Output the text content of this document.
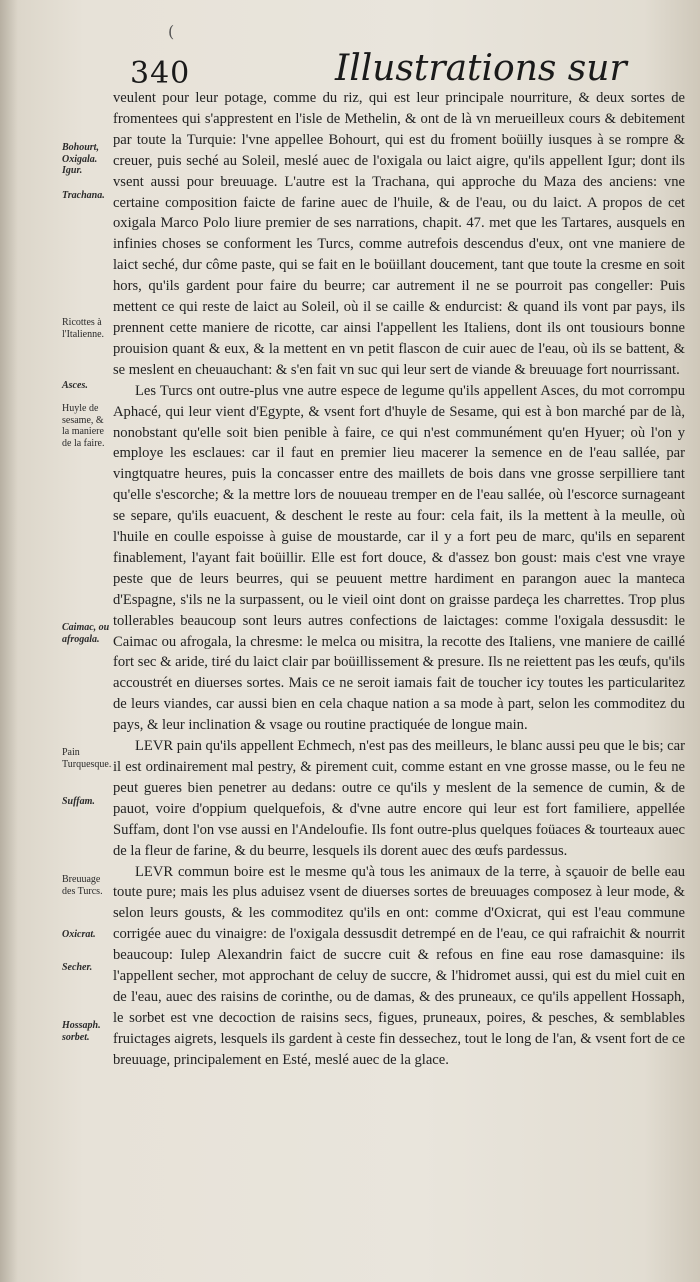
(
340	Illustrations sur
Bohourt, Oxigala. Igur.
Trachana.
Ricottes à l'Italienne.
Asces.
Huyle de sesame, & la maniere de la faire.
Caimac, ou afrogala.
Pain Turquesque.
Suffam.
Breuuage des Turcs.
Oxicrat.
Secher.
Hossaph. sorbet.

veulent pour leur potage, comme du riz, qui est leur principale nourriture, & deux sortes de fromentees qui s'apprestent en l'isle de Methelin, & ont de là vn merueilleux cours & debitement par toute la Turquie: l'vne appellee Bohourt, qui est du froment boüilly iusques à se rompre & creuer, puis seché au Soleil, meslé auec de l'oxigala ou laict aigre, qu'ils appellent Igur; dont ils vsent aussi pour breuuage. L'autre est la Trachana, qui approche du Maza des anciens: vne certaine composition faicte de farine auec de l'huile, & de l'eau, ou du laict. A propos de cet oxigala Marco Polo liure premier de ses narrations, chapit. 47. met que les Tartares, ausquels en infinies choses se conforment les Turcs, comme autrefois descendus d'eux, ont vne maniere de laict seché, dur côme paste, qui se fait en le boüillant doucement, tant que toute la cresme en soit hors, qu'ils gardent pour faire du beurre; car autrement il ne se pourroit pas congeller: Puis mettent ce qui reste de laict au Soleil, où il se caille & endurcist: & quand ils vont par pays, ils prennent cette maniere de ricotte, car ainsi l'appellent les Italiens, dont ils ont tousiours bonne prouision quant & eux, & la mettent en vn petit flascon de cuir auec de l'eau, où ils se battent, & se meslent en cheuauchant: & s'en fait vn suc qui leur sert de viande & breuuage fort nourrissant.

Les Turcs ont outre-plus vne autre espece de legume qu'ils appellent Asces, du mot corrompu Aphacé, qui leur vient d'Egypte, & vsent fort d'huyle de Sesame, qui est à bon marché par de là, nonobstant qu'elle soit bien penible à faire, ce qui n'est communément qu'en Hyuer; où l'on y employe les esclaues: car il faut en premier lieu macerer la semence en de l'eau sallée, par vingtquatre heures, puis la concasser entre des maillets de bois dans vne grosse serpilliere tant qu'elle s'escorche; & la mettre lors de nouueau tremper en de l'eau sallée, où l'escorce surnageant se separe, qu'ils euacuent, & deschent le reste au four: cela fait, ils la mettent à la meulle, où l'huile en coulle espoisse à guise de moustarde, car il y a fort peu de marc, qu'ils en separent finablement, l'ayant fait boüillir. Elle est fort douce, & d'assez bon goust: mais c'est vne vraye peste que de leurs beurres, qui se peuuent mettre hardiment en parangon auec la manteca d'Espagne, s'ils ne la surpassent, ou le vieil oint dont on graisse pardeça les charrettes. Trop plus tollerables beaucoup sont leurs autres confections de laictages: comme l'oxigala dessusdit: le Caimac ou afrogala, la chresme: le melca ou misitra, la recotte des Italiens, vne maniere de caillé fort sec & aride, tiré du laict clair par boüillissement & presure. Ils ne reiettent pas les œufs, qu'ils accoustrét en diuerses sortes. Mais ce ne seroit iamais fait de toucher icy toutes les particularitez de leurs viandes, car aussi bien en cela chaque nation a sa mode à part, selon les commoditez du pays, & leur inclination & vsage ou routine practiquée de longue main.

LEVR pain qu'ils appellent Echmech, n'est pas des meilleurs, le blanc aussi peu que le bis; car il est ordinairement mal pestry, & pirement cuit, comme estant en vne grosse masse, ou le feu ne peut gueres bien penetrer au dedans: outre ce qu'ils y meslent de la semence de cumin, & de pauot, voire d'oppium quelquefois, & d'vne autre encore qui leur est fort familiere, appellée Suffam, dont l'on vse aussi en l'Andeloufie. Ils font outre-plus quelques foüaces & tourteaux auec de la fleur de farine, & du beurre, lesquels ils dorent auec des œufs pardessus.

LEVR commun boire est le mesme qu'à tous les animaux de la terre, à sçauoir de belle eau toute pure; mais les plus aduisez vsent de diuerses sortes de breuuages composez à leur mode, & selon leurs gousts, & les commoditez qu'ils en ont: comme d'Oxicrat, qui est l'eau commune corrigée auec du vinaigre: de l'oxigala dessusdit detrempé en de l'eau, ce qui rafraichit & nourrit beaucoup: Iulep Alexandrin faict de succre cuit & refous en fine eau rose damasquine: ils l'appellent secher, mot approchant de celuy de succre, & l'hidromet aussi, qui est du miel cuit en de l'eau, auec des raisins de corinthe, ou de damas, & des pruneaux, ce qu'ils appellent Hossaph, le sorbet est vne decoction de raisins secs, figues, pruneaux, poires, & pesches, & semblables fruictages aigrets, lesquels ils gardent à ceste fin dessechez, tout le long de l'an, & vsent fort de ce breuuage, principalement en Esté, meslé auec de la glace.
